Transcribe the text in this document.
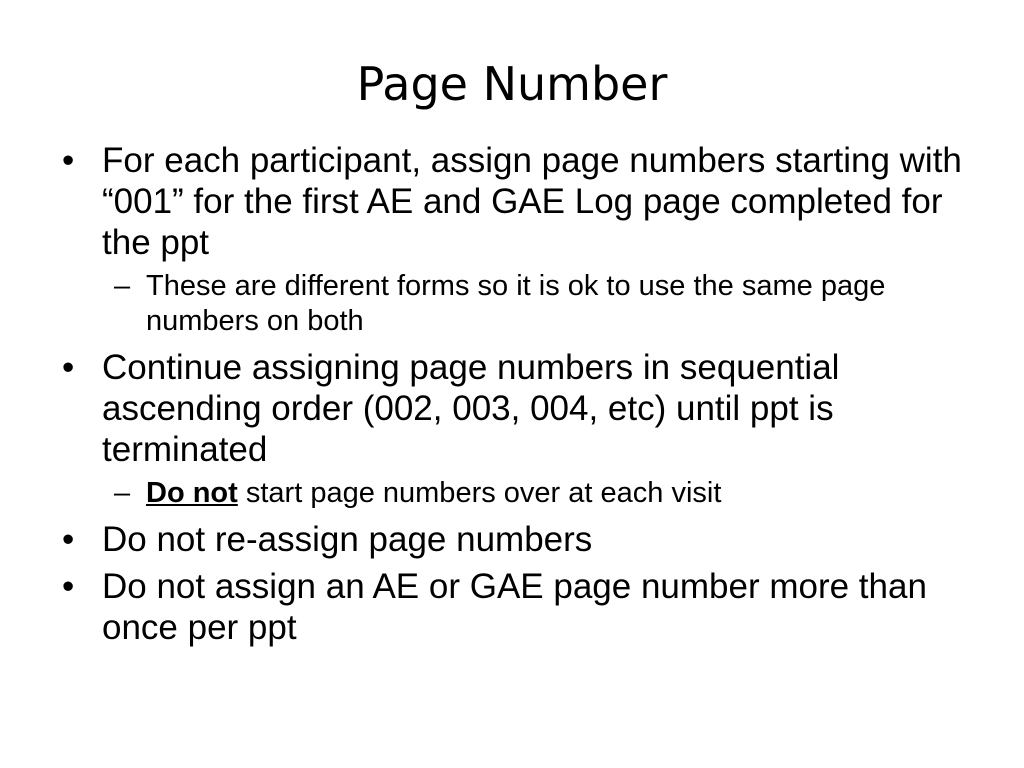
Page Number
• For each participant, assign page numbers starting with “001” for the first AE and GAE Log page completed for the ppt
– These are different forms so it is ok to use the same page numbers on both
• Continue assigning page numbers in sequential ascending order (002, 003, 004, etc) until ppt is terminated
– Do not start page numbers over at each visit
• Do not re-assign page numbers
• Do not assign an AE or GAE page number more than once per ppt
